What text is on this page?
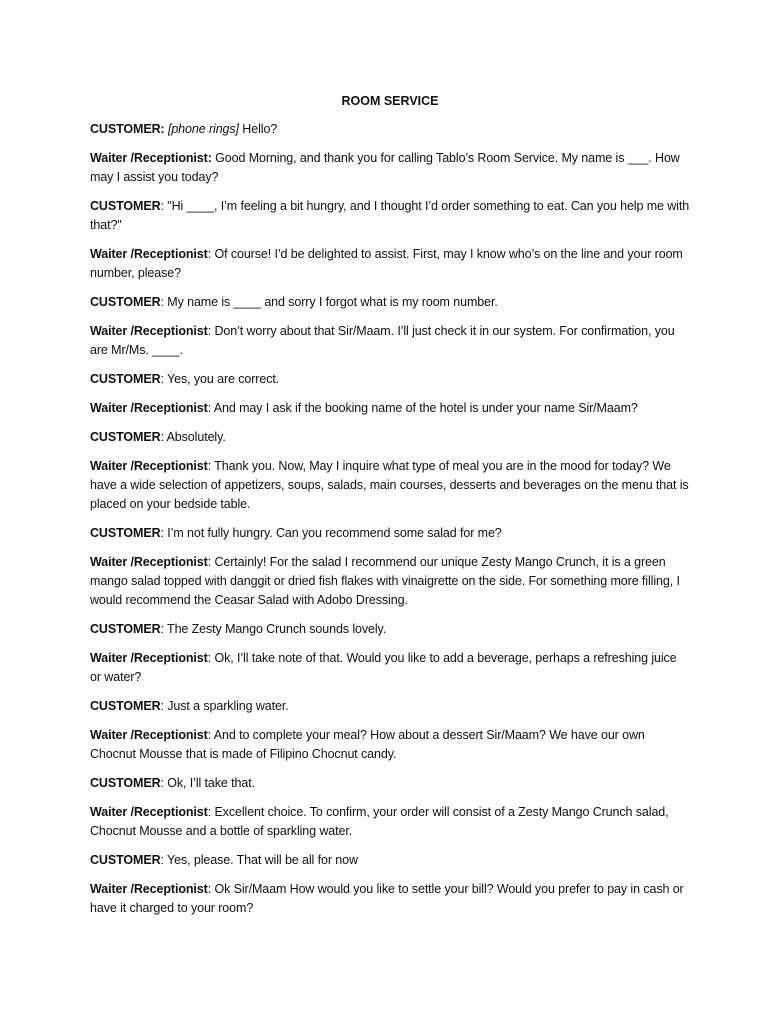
ROOM SERVICE

CUSTOMER: [phone rings] Hello?

Waiter /Receptionist: Good Morning, and thank you for calling Tablo’s Room Service. My name is ___. How may I assist you today?

CUSTOMER: "Hi ____, I’m feeling a bit hungry, and I thought I’d order something to eat. Can you help me with that?"

Waiter /Receptionist: Of course! I’d be delighted to assist. First, may I know who’s on the line and your room number, please?

CUSTOMER: My name is ____ and sorry I forgot what is my room number.

Waiter /Receptionist: Don’t worry about that Sir/Maam. I’ll just check it in our system. For confirmation, you are Mr/Ms. ____.

CUSTOMER: Yes, you are correct.

Waiter /Receptionist: And may I ask if the booking name of the hotel is under your name Sir/Maam?

CUSTOMER: Absolutely.

Waiter /Receptionist: Thank you. Now, May I inquire what type of meal you are in the mood for today? We have a wide selection of appetizers, soups, salads, main courses, desserts and beverages on the menu that is placed on your bedside table.

CUSTOMER: I’m not fully hungry. Can you recommend some salad for me?

Waiter /Receptionist: Certainly! For the salad I recommend our unique Zesty Mango Crunch, it is a green mango salad topped with danggit or dried fish flakes with vinaigrette on the side. For something more filling, I would recommend the Ceasar Salad with Adobo Dressing.

CUSTOMER: The Zesty Mango Crunch sounds lovely.

Waiter /Receptionist: Ok, I’ll take note of that. Would you like to add a beverage, perhaps a refreshing juice or water?

CUSTOMER: Just a sparkling water.

Waiter /Receptionist: And to complete your meal? How about a dessert Sir/Maam? We have our own Chocnut Mousse that is made of Filipino Chocnut candy.

CUSTOMER: Ok, I’ll take that.

Waiter /Receptionist: Excellent choice. To confirm, your order will consist of a Zesty Mango Crunch salad, Chocnut Mousse and a bottle of sparkling water.

CUSTOMER: Yes, please. That will be all for now

Waiter /Receptionist: Ok Sir/Maam How would you like to settle your bill? Would you prefer to pay in cash or have it charged to your room?
